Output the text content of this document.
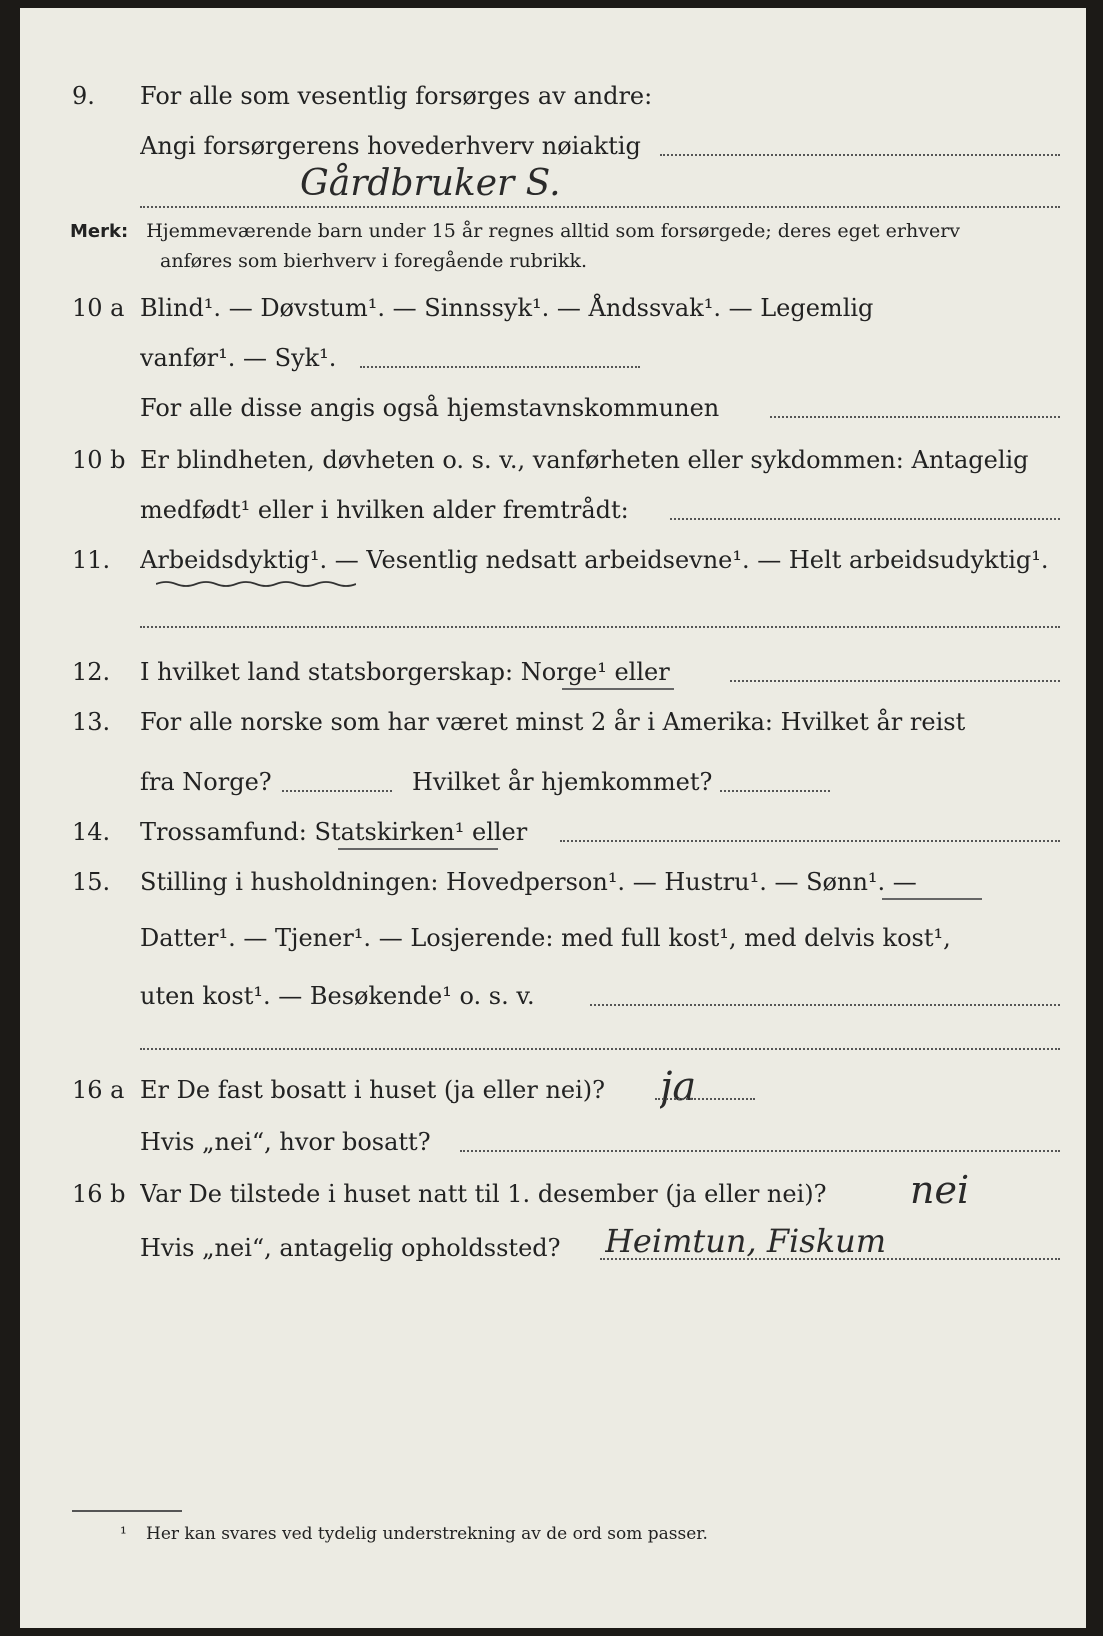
9.	For alle som vesentlig forsørges av andre:
Angi forsørgerens hovederhverv nøiaktig
Gårdbruker S.
Merk: Hjemmeværende barn under 15 år regnes alltid som forsørgede; deres eget erhverv
anføres som bierhverv i foregående rubrikk.
10 a Blind¹. — Døvstum¹. — Sinnssyk¹. — Åndssvak¹. — Legemlig
vanfør¹. — Syk¹.
For alle disse angis også hjemstavnskommunen
10 b Er blindheten, døvheten o. s. v., vanførheten eller sykdommen: Antagelig
medfødt¹ eller i hvilken alder fremtrådt:
11.	Arbeidsdyktig¹. — Vesentlig nedsatt arbeidsevne¹. — Helt arbeidsudyktig¹.
12.	I hvilket land statsborgerskap: Norge¹ eller
13.	For alle norske som har været minst 2 år i Amerika: Hvilket år reist
fra Norge?	Hvilket år hjemkommet?
14.	Trossamfund: Statskirken¹ eller
15.	Stilling i husholdningen: Hovedperson¹. — Hustru¹. — Sønn¹. —
Datter¹. — Tjener¹. — Losjerende: med full kost¹, med delvis kost¹,
uten kost¹. — Besøkende¹ o. s. v.
16 a Er De fast bosatt i huset (ja eller nei)?	ja
Hvis „nei“, hvor bosatt?
16 b Var De tilstede i huset natt til 1. desember (ja eller nei)?	nei
Hvis „nei“, antagelig opholdssted?	Heimtun, Fiskum
¹	Her kan svares ved tydelig understrekning av de ord som passer.
